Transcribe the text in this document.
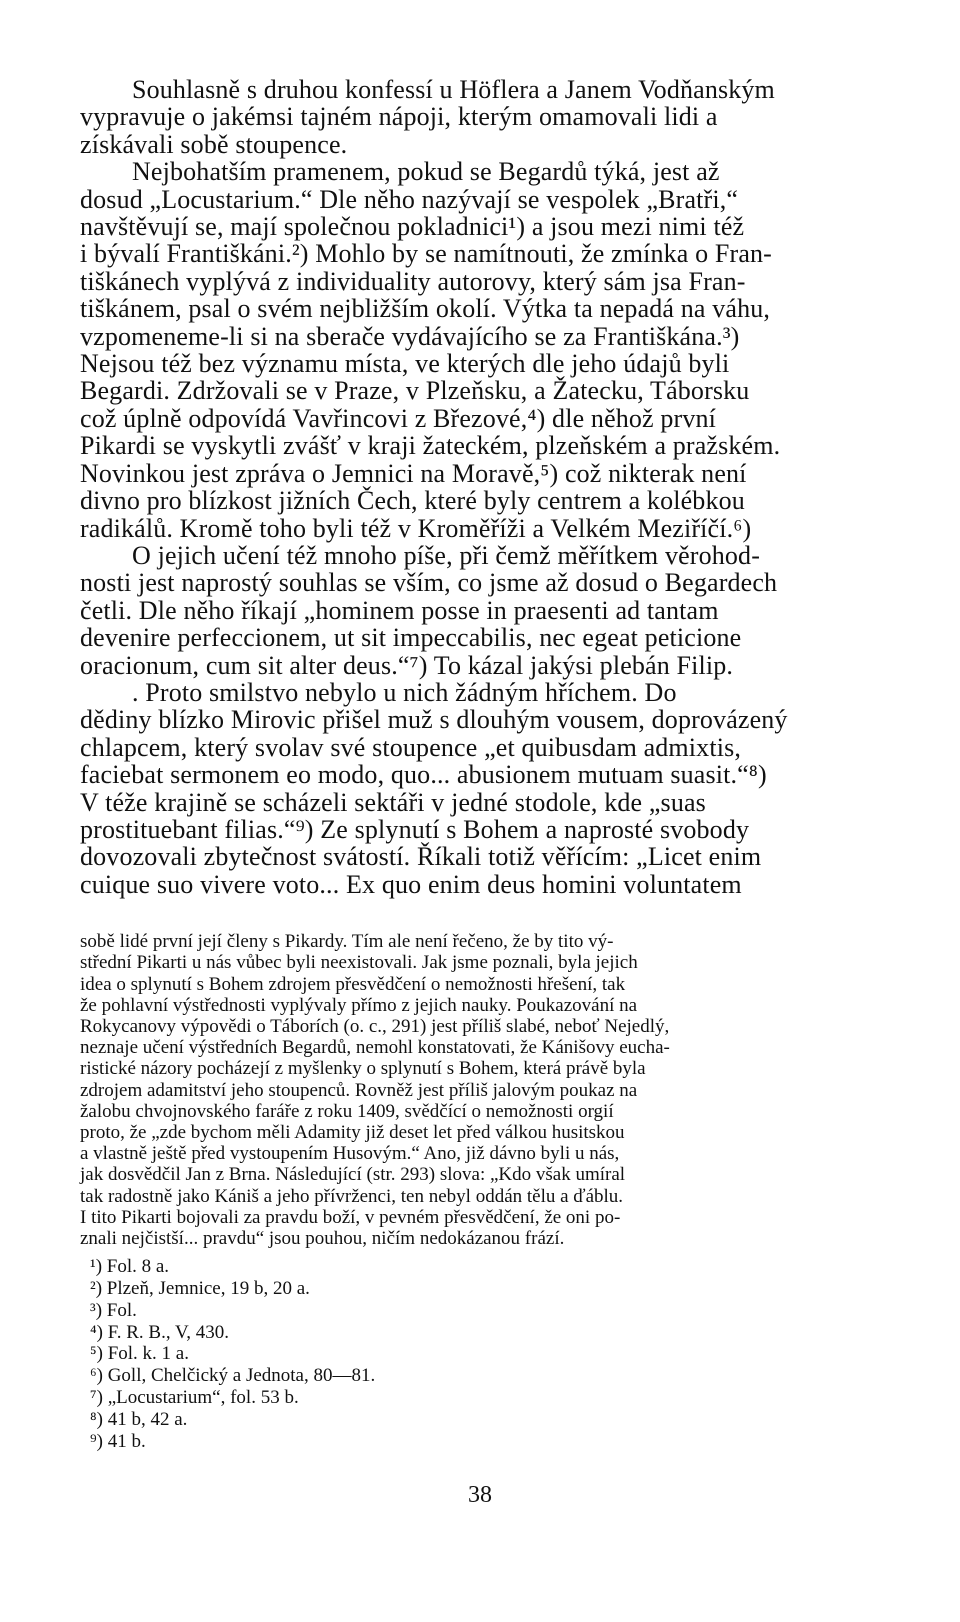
Souhlasně s druhou konfessí u Höflera a Janem Vodňanským
vypravuje o jakémsi tajném nápoji, kterým omamovali lidi a
získávali sobě stoupence.
Nejbohatším pramenem, pokud se Begardů týká, jest až
dosud „Locustarium.“ Dle něho nazývají se vespolek „Bratři,“
navštěvují se, mají společnou pokladnici¹) a jsou mezi nimi též
i bývalí Františkáni.²) Mohlo by se namítnouti, že zmínka o Fran-
tiškánech vyplývá z individuality autorovy, který sám jsa Fran-
tiškánem, psal o svém nejbližším okolí. Výtka ta nepadá na váhu,
vzpomeneme-li si na sberače vydávajícího se za Františkána.³)
Nejsou též bez významu místa, ve kterých dle jeho údajů byli
Begardi. Zdržovali se v Praze, v Plzeňsku, a Žatecku, Táborsku
což úplně odpovídá Vavřincovi z Březové,⁴) dle něhož první
Pikardi se vyskytli zvášť v kraji žateckém, plzeňském a pražském.
Novinkou jest zpráva o Jemnici na Moravě,⁵) což nikterak není
divno pro blízkost jižních Čech, které byly centrem a kolébkou
radikálů. Kromě toho byli též v Kroměříži a Velkém Meziříčí.⁶)
O jejich učení též mnoho píše, při čemž měřítkem věrohod-
nosti jest naprostý souhlas se vším, co jsme až dosud o Begardech
četli. Dle něho říkají „hominem posse in praesenti ad tantam
devenire perfeccionem, ut sit impeccabilis, nec egeat peticione
oracionum, cum sit alter deus.“⁷) To kázal jakýsi plebán Filip.
. Proto smilstvo nebylo u nich žádným hříchem. Do
dědiny blízko Mirovic přišel muž s dlouhým vousem, doprovázený
chlapcem, který svolav své stoupence „et quibusdam admixtis,
faciebat sermonem eo modo, quo... abusionem mutuam suasit.“⁸)
V téže krajině se scházeli sektáři v jedné stodole, kde „suas
prostituebant filias.“⁹) Ze splynutí s Bohem a naprosté svobody
dovozovali zbytečnost svátostí. Říkali totiž věřícím: „Licet enim
cuique suo vivere voto... Ex quo enim deus homini voluntatem
sobě lidé první její členy s Pikardy. Tím ale není řečeno, že by tito vý-
střední Pikarti u nás vůbec byli neexistovali. Jak jsme poznali, byla jejich
idea o splynutí s Bohem zdrojem přesvědčení o nemožnosti hřešení, tak
že pohlavní výstřednosti vyplývaly přímo z jejich nauky. Poukazování na
Rokycanovy výpovědi o Táborích (o. c., 291) jest příliš slabé, neboť Nejedlý,
neznaje učení výstředních Begardů, nemohl konstatovati, že Kánišovy eucha-
ristické názory pocházejí z myšlenky o splynutí s Bohem, která právě byla
zdrojem adamitství jeho stoupenců. Rovněž jest příliš jalovým poukaz na
žalobu chvojnovského faráře z roku 1409, svědčící o nemožnosti orgií
proto, že „zde bychom měli Adamity již deset let před válkou husitskou
a vlastně ještě před vystoupením Husovým.“ Ano, již dávno byli u nás,
jak dosvědčil Jan z Brna. Následující (str. 293) slova: „Kdo však umíral
tak radostně jako Kániš a jeho přívrženci, ten nebyl oddán tělu a ďáblu.
I tito Pikarti bojovali za pravdu boží, v pevném přesvědčení, že oni po-
znali nejčistší... pravdu“ jsou pouhou, ničím nedokázanou frází.
¹) Fol. 8 a.
²) Plzeň, Jemnice, 19 b, 20 a.
³) Fol.
⁴) F. R. B., V, 430.
⁵) Fol. k. 1 a.
⁶) Goll, Chelčický a Jednota, 80—81.
⁷) „Locustarium“, fol. 53 b.
⁸) 41 b, 42 a.
⁹) 41 b.
38
